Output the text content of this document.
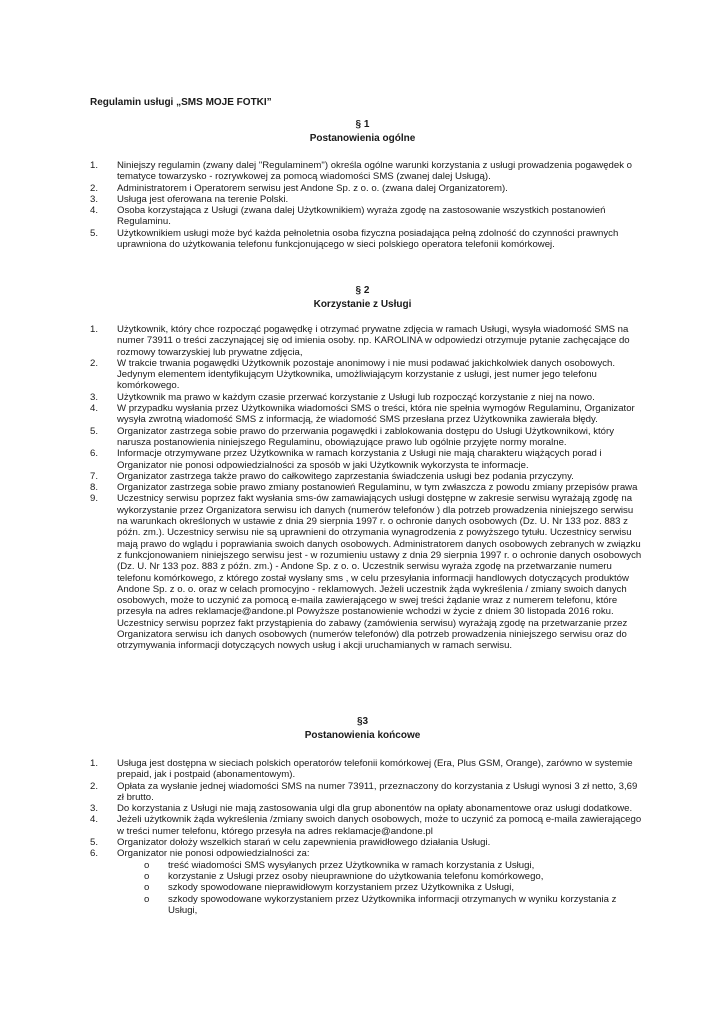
Regulamin usługi „SMS MOJE FOTKI”
§ 1
Postanowienia ogólne
1. Niniejszy regulamin (zwany dalej "Regulaminem") określa ogólne warunki korzystania z usługi prowadzenia pogawędek o tematyce towarzysko - rozrywkowej za pomocą wiadomości SMS (zwanej dalej Usługą).
2. Administratorem i Operatorem serwisu jest Andone Sp. z o. o. (zwana dalej Organizatorem).
3. Usługa jest oferowana na terenie Polski.
4. Osoba korzystająca z Usługi (zwana dalej Użytkownikiem) wyraża zgodę na zastosowanie wszystkich postanowień Regulaminu.
5. Użytkownikiem usługi może być każda pełnoletnia osoba fizyczna posiadająca pełną zdolność do czynności prawnych uprawniona do użytkowania telefonu funkcjonującego w sieci polskiego operatora telefonii komórkowej.
§ 2
Korzystanie z Usługi
1. Użytkownik, który chce rozpocząć pogawędkę i otrzymać prywatne zdjęcia w ramach Usługi, wysyła wiadomość SMS na numer 73911 o treści zaczynającej się od imienia osoby. np. KAROLINA w odpowiedzi otrzymuje pytanie zachęcające do rozmowy towarzyskiej lub prywatne zdjęcia,
2. W trakcie trwania pogawędki Użytkownik pozostaje anonimowy i nie musi podawać jakichkolwiek danych osobowych. Jedynym elementem identyfikującym Użytkownika, umożliwiającym korzystanie z usługi, jest numer jego telefonu komórkowego.
3. Użytkownik ma prawo w każdym czasie przerwać korzystanie z Usługi lub rozpocząć korzystanie z niej na nowo.
4. W przypadku wysłania przez Użytkownika wiadomości SMS o treści, która nie spełnia wymogów Regulaminu, Organizator wysyła zwrotną wiadomość SMS z informacją, że wiadomość SMS przesłana przez Użytkownika zawierała błędy.
5. Organizator zastrzega sobie prawo do przerwania pogawędki i zablokowania dostępu do Usługi Użytkownikowi, który narusza postanowienia niniejszego Regulaminu, obowiązujące prawo lub ogólnie przyjęte normy moralne.
6. Informacje otrzymywane przez Użytkownika w ramach korzystania z Usługi nie mają charakteru wiążących porad i Organizator nie ponosi odpowiedzialności za sposób w jaki Użytkownik wykorzysta te informacje.
7. Organizator zastrzega także prawo do całkowitego zaprzestania świadczenia usługi bez podania przyczyny.
8. Organizator zastrzega sobie prawo zmiany postanowień Regulaminu, w tym zwłaszcza z powodu zmiany przepisów prawa
9. Uczestnicy serwisu poprzez fakt wysłania sms-ów zamawiających usługi dostępne w zakresie serwisu wyrażają zgodę na wykorzystanie przez Organizatora serwisu ich danych (numerów telefonów ) dla potrzeb prowadzenia niniejszego serwisu na warunkach określonych w ustawie z dnia 29 sierpnia 1997 r. o ochronie danych osobowych (Dz. U. Nr 133 poz. 883 z późn. zm.). Uczestnicy serwisu nie są uprawnieni do otrzymania wynagrodzenia z powyższego tytułu. Uczestnicy serwisu mają prawo do wglądu i poprawiania swoich danych osobowych. Administratorem danych osobowych zebranych w związku z funkcjonowaniem niniejszego serwisu jest - w rozumieniu ustawy z dnia 29 sierpnia 1997 r. o ochronie danych osobowych (Dz. U. Nr 133 poz. 883 z późn. zm.) - Andone Sp. z o. o. Uczestnik serwisu wyraża zgodę na przetwarzanie numeru telefonu komórkowego, z którego został wysłany sms , w celu przesyłania informacji handlowych dotyczących produktów Andone Sp. z o. o. oraz w celach promocyjno - reklamowych. Jeżeli uczestnik żąda wykreślenia / zmiany swoich danych osobowych, może to uczynić za pomocą e-maila zawierającego w swej treści żądanie wraz z numerem telefonu, które przesyła na adres reklamacje@andone.pl Powyższe postanowienie wchodzi w życie z dniem 30 listopada 2016 roku. Uczestnicy serwisu poprzez fakt przystąpienia do zabawy (zamówienia serwisu) wyrażają zgodę na przetwarzanie przez Organizatora serwisu ich danych osobowych (numerów telefonów) dla potrzeb prowadzenia niniejszego serwisu oraz do otrzymywania informacji dotyczących nowych usług i akcji uruchamianych w ramach serwisu.
§3
Postanowienia końcowe
1. Usługa jest dostępna w sieciach polskich operatorów telefonii komórkowej (Era, Plus GSM, Orange), zarówno w systemie prepaid, jak i postpaid (abonamentowym).
2. Opłata za wysłanie jednej wiadomości SMS na numer 73911, przeznaczony do korzystania z Usługi wynosi 3 zł netto, 3,69 zł brutto.
3. Do korzystania z Usługi nie mają zastosowania ulgi dla grup abonentów na opłaty abonamentowe oraz usługi dodatkowe.
4. Jeżeli użytkownik żąda wykreślenia /zmiany swoich danych osobowych, może to uczynić za pomocą e-maila zawierającego w treści numer telefonu, którego przesyła na adres reklamacje@andone.pl
5. Organizator dołoży wszelkich starań w celu zapewnienia prawidłowego działania Usługi.
6. Organizator nie ponosi odpowiedzialności za:
o treść wiadomości SMS wysyłanych przez Użytkownika w ramach korzystania z Usługi,
o korzystanie z Usługi przez osoby nieuprawnione do użytkowania telefonu komórkowego,
o szkody spowodowane nieprawidłowym korzystaniem przez Użytkownika z Usługi,
o szkody spowodowane wykorzystaniem przez Użytkownika informacji otrzymanych w wyniku korzystania z Usługi,
